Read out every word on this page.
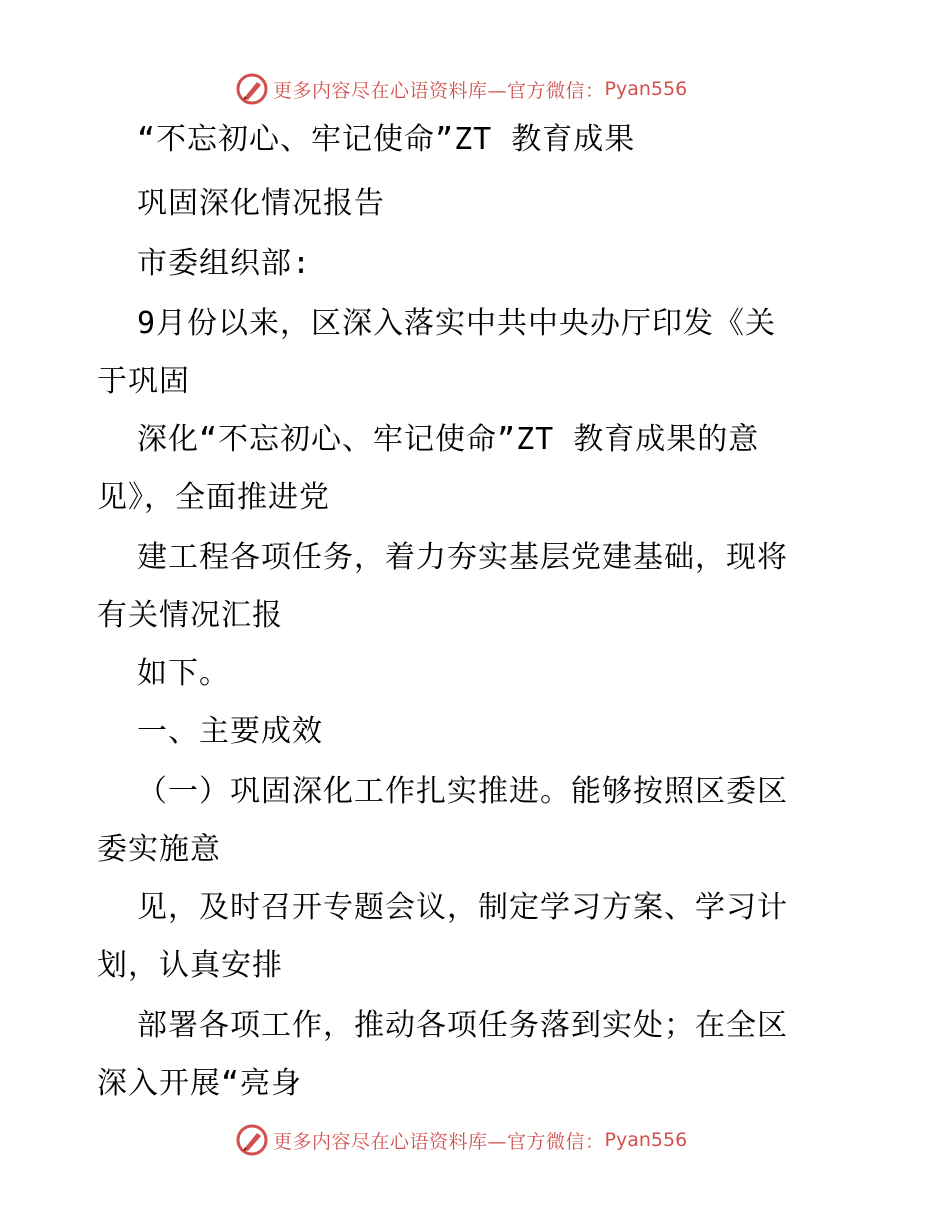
更多内容尽在心语资料库—官方微信： Pyan556
“不忘初心、牢记使命”ZT 教育成果
巩固深化情况报告
市委组织部:
9月份以来，区深入落实中共中央办厅印发《关
于巩固
深化“不忘初心、牢记使命”ZT 教育成果的意
见》，全面推进党
建工程各项任务，着力夯实基层党建基础，现将
有关情况汇报
如下。
一、主要成效
（一）巩固深化工作扎实推进。能够按照区委区
委实施意
见，及时召开专题会议，制定学习方案、学习计
划，认真安排
部署各项工作，推动各项任务落到实处；在全区
深入开展“亮身
更多内容尽在心语资料库—官方微信： Pyan556
